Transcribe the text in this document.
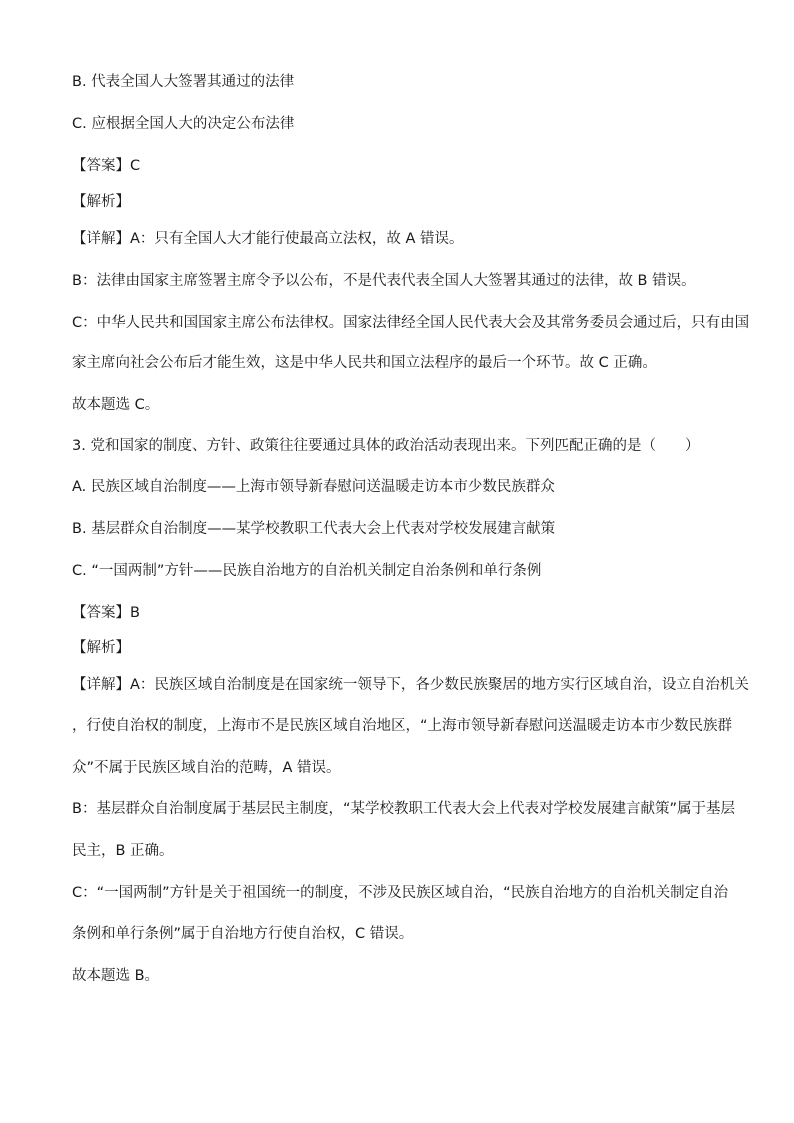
B. 代表全国人大签署其通过的法律
C. 应根据全国人大的决定公布法律
【答案】C
【解析】
【详解】A：只有全国人大才能行使最高立法权，故 A 错误。
B：法律由国家主席签署主席令予以公布，不是代表代表全国人大签署其通过的法律，故 B 错误。
C：中华人民共和国国家主席公布法律权。国家法律经全国人民代表大会及其常务委员会通过后，只有由国
家主席向社会公布后才能生效，这是中华人民共和国立法程序的最后一个环节。故 C 正确。
故本题选 C。
3. 党和国家的制度、方针、政策往往要通过具体的政治活动表现出来。下列匹配正确的是（　　）
A. 民族区域自治制度——上海市领导新春慰问送温暖走访本市少数民族群众
B. 基层群众自治制度——某学校教职工代表大会上代表对学校发展建言献策
C. “一国两制”方针——民族自治地方的自治机关制定自治条例和单行条例
【答案】B
【解析】
【详解】A：民族区域自治制度是在国家统一领导下，各少数民族聚居的地方实行区域自治，设立自治机关
，行使自治权的制度，上海市不是民族区域自治地区，“上海市领导新春慰问送温暖走访本市少数民族群
众”不属于民族区域自治的范畴，A 错误。
B：基层群众自治制度属于基层民主制度，“某学校教职工代表大会上代表对学校发展建言献策”属于基层
民主，B 正确。
C：“一国两制”方针是关于祖国统一的制度，不涉及民族区域自治，“民族自治地方的自治机关制定自治
条例和单行条例”属于自治地方行使自治权，C 错误。
故本题选 B。
